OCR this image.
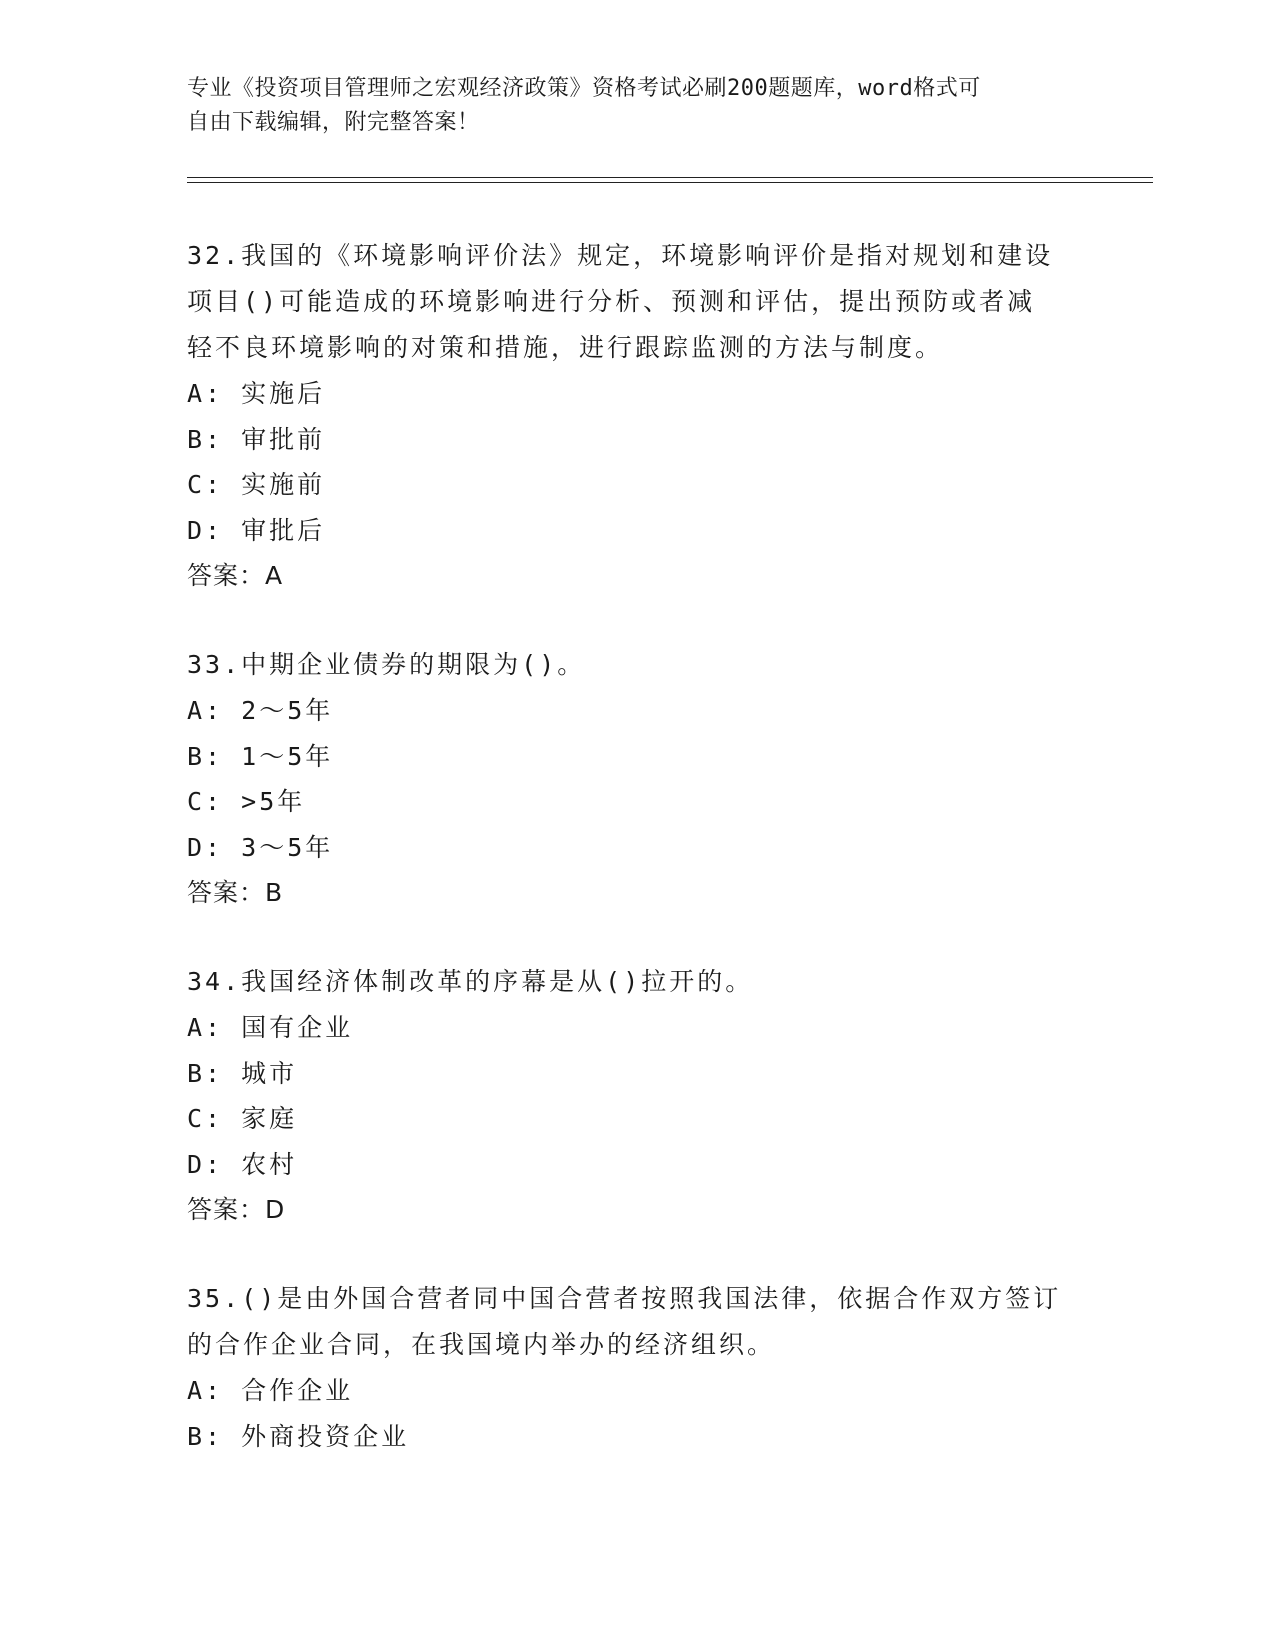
专业《投资项目管理师之宏观经济政策》资格考试必刷200题题库，word格式可
自由下载编辑，附完整答案！
32.我国的《环境影响评价法》规定，环境影响评价是指对规划和建设
项目()可能造成的环境影响进行分析、预测和评估，提出预防或者减
轻不良环境影响的对策和措施，进行跟踪监测的方法与制度。
A: 实施后
B: 审批前
C: 实施前
D: 审批后
答案：A
33.中期企业债券的期限为()。
A: 2～5年
B: 1～5年
C: >5年
D: 3～5年
答案：B
34.我国经济体制改革的序幕是从()拉开的。
A: 国有企业
B: 城市
C: 家庭
D: 农村
答案：D
35.()是由外国合营者同中国合营者按照我国法律，依据合作双方签订
的合作企业合同，在我国境内举办的经济组织。
A: 合作企业
B: 外商投资企业
